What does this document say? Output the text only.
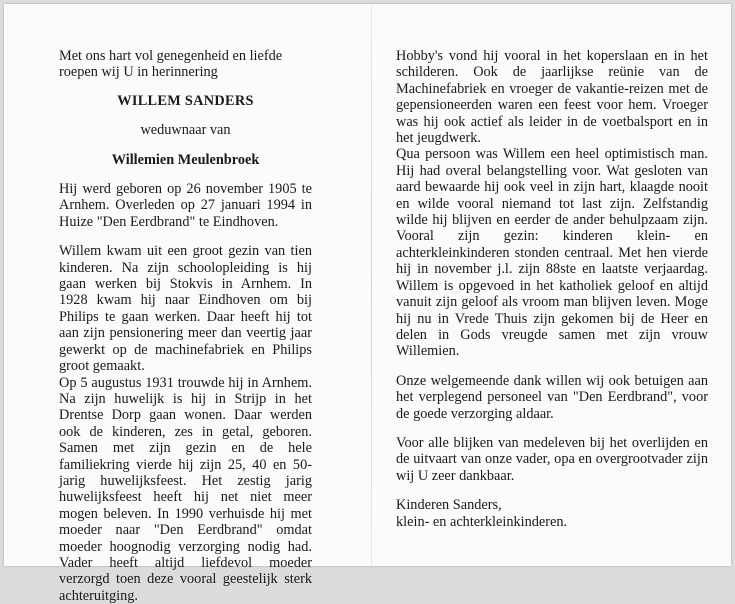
Met ons hart vol genegenheid en liefde roepen wij U in herinnering

WILLEM SANDERS

weduwnaar van

Willemien Meulenbroek

Hij werd geboren op 26 november 1905 te Arnhem. Overleden op 27 januari 1994 in Huize "Den Eerdbrand" te Eindhoven.

Willem kwam uit een groot gezin van tien kinderen. Na zijn schoolopleiding is hij gaan werken bij Stokvis in Arnhem. In 1928 kwam hij naar Eindhoven om bij Philips te gaan werken. Daar heeft hij tot aan zijn pensionering meer dan veertig jaar gewerkt op de machinefabriek en Philips groot gemaakt.

Op 5 augustus 1931 trouwde hij in Arnhem. Na zijn huwelijk is hij in Strijp in het Drentse Dorp gaan wonen. Daar werden ook de kinderen, zes in getal, geboren. Samen met zijn gezin en de hele familiekring vierde hij zijn 25, 40 en 50-jarig huwelijksfeest. Het zestig jarig huwelijksfeest heeft hij net niet meer mogen beleven. In 1990 verhuisde hij met moeder naar "Den Eerdbrand" omdat moeder hoognodig verzorging nodig had. Vader heeft altijd liefdevol moeder verzorgd toen deze vooral geestelijk sterk achteruitging.

Hobby's vond hij vooral in het koperslaan en in het schilderen. Ook de jaarlijkse reünie van de Machinefabriek en vroeger de vakantie-reizen met de gepensioneerden waren een feest voor hem. Vroeger was hij ook actief als leider in de voetbalsport en in het jeugdwerk.

Qua persoon was Willem een heel optimistisch man. Hij had overal belangstelling voor. Wat gesloten van aard bewaarde hij ook veel in zijn hart, klaagde nooit en wilde vooral niemand tot last zijn. Zelfstandig wilde hij blijven en eerder de ander behulpzaam zijn. Vooral zijn gezin: kinderen klein- en achterkleinkinderen stonden centraal. Met hen vierde hij in november j.l. zijn 88ste en laatste verjaardag. Willem is opgevoed in het katholiek geloof en altijd vanuit zijn geloof als vroom man blijven leven. Moge hij nu in Vrede Thuis zijn gekomen bij de Heer en delen in Gods vreugde samen met zijn vrouw Willemien.

Onze welgemeende dank willen wij ook betuigen aan het verplegend personeel van "Den Eerdbrand", voor de goede verzorging aldaar.

Voor alle blijken van medeleven bij het overlijden en de uitvaart van onze vader, opa en overgrootvader zijn wij U zeer dankbaar.

Kinderen Sanders,

klein- en achterkleinkinderen.
